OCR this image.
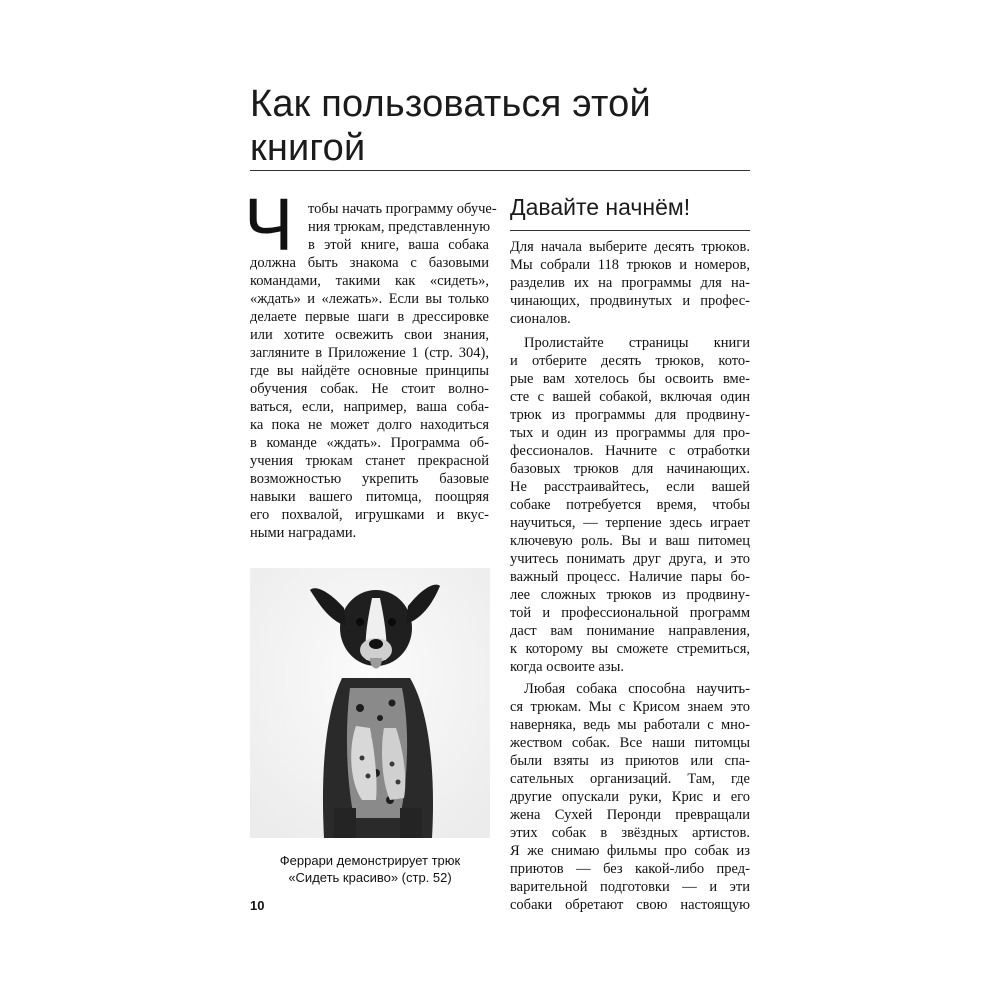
Как пользоваться этой
книгой
Ч тобы начать программу обуче-
ния трюкам, представленную
в этой книге, ваша собака
должна быть знакома с базовыми
командами, такими как «сидеть»,
«ждать» и «лежать». Если вы только
делаете первые шаги в дрессировке
или хотите освежить свои знания,
загляните в Приложение 1 (стр. 304),
где вы найдёте основные принципы
обучения собак. Не стоит волно-
ваться, если, например, ваша соба-
ка пока не может долго находиться
в команде «ждать». Программа об-
учения трюкам станет прекрасной
возможностью укрепить базовые
навыки вашего питомца, поощряя
его похвалой, игрушками и вкус-
ными наградами.
Феррари демонстрирует трюк
«Сидеть красиво» (стр. 52)
Давайте начнём!
Для начала выберите десять трюков.
Мы собрали 118 трюков и номеров,
разделив их на программы для на-
чинающих, продвинутых и профес-
сионалов.
Пролистайте страницы книги
и отберите десять трюков, кото-
рые вам хотелось бы освоить вме-
сте с вашей собакой, включая один
трюк из программы для продвину-
тых и один из программы для про-
фессионалов. Начните с отработки
базовых трюков для начинающих.
Не расстраивайтесь, если вашей
собаке потребуется время, чтобы
научиться, — терпение здесь играет
ключевую роль. Вы и ваш питомец
учитесь понимать друг друга, и это
важный процесс. Наличие пары бо-
лее сложных трюков из продвину-
той и профессиональной программ
даст вам понимание направления,
к которому вы сможете стремиться,
когда освоите азы.
Любая собака способна научить-
ся трюкам. Мы с Крисом знаем это
наверняка, ведь мы работали с мно-
жеством собак. Все наши питомцы
были взяты из приютов или спа-
сательных организаций. Там, где
другие опускали руки, Крис и его
жена Сухей Перонди превращали
этих собак в звёздных артистов.
Я же снимаю фильмы про собак из
приютов — без какой-либо пред-
варительной подготовки — и эти
собаки обретают свою настоящую
10
